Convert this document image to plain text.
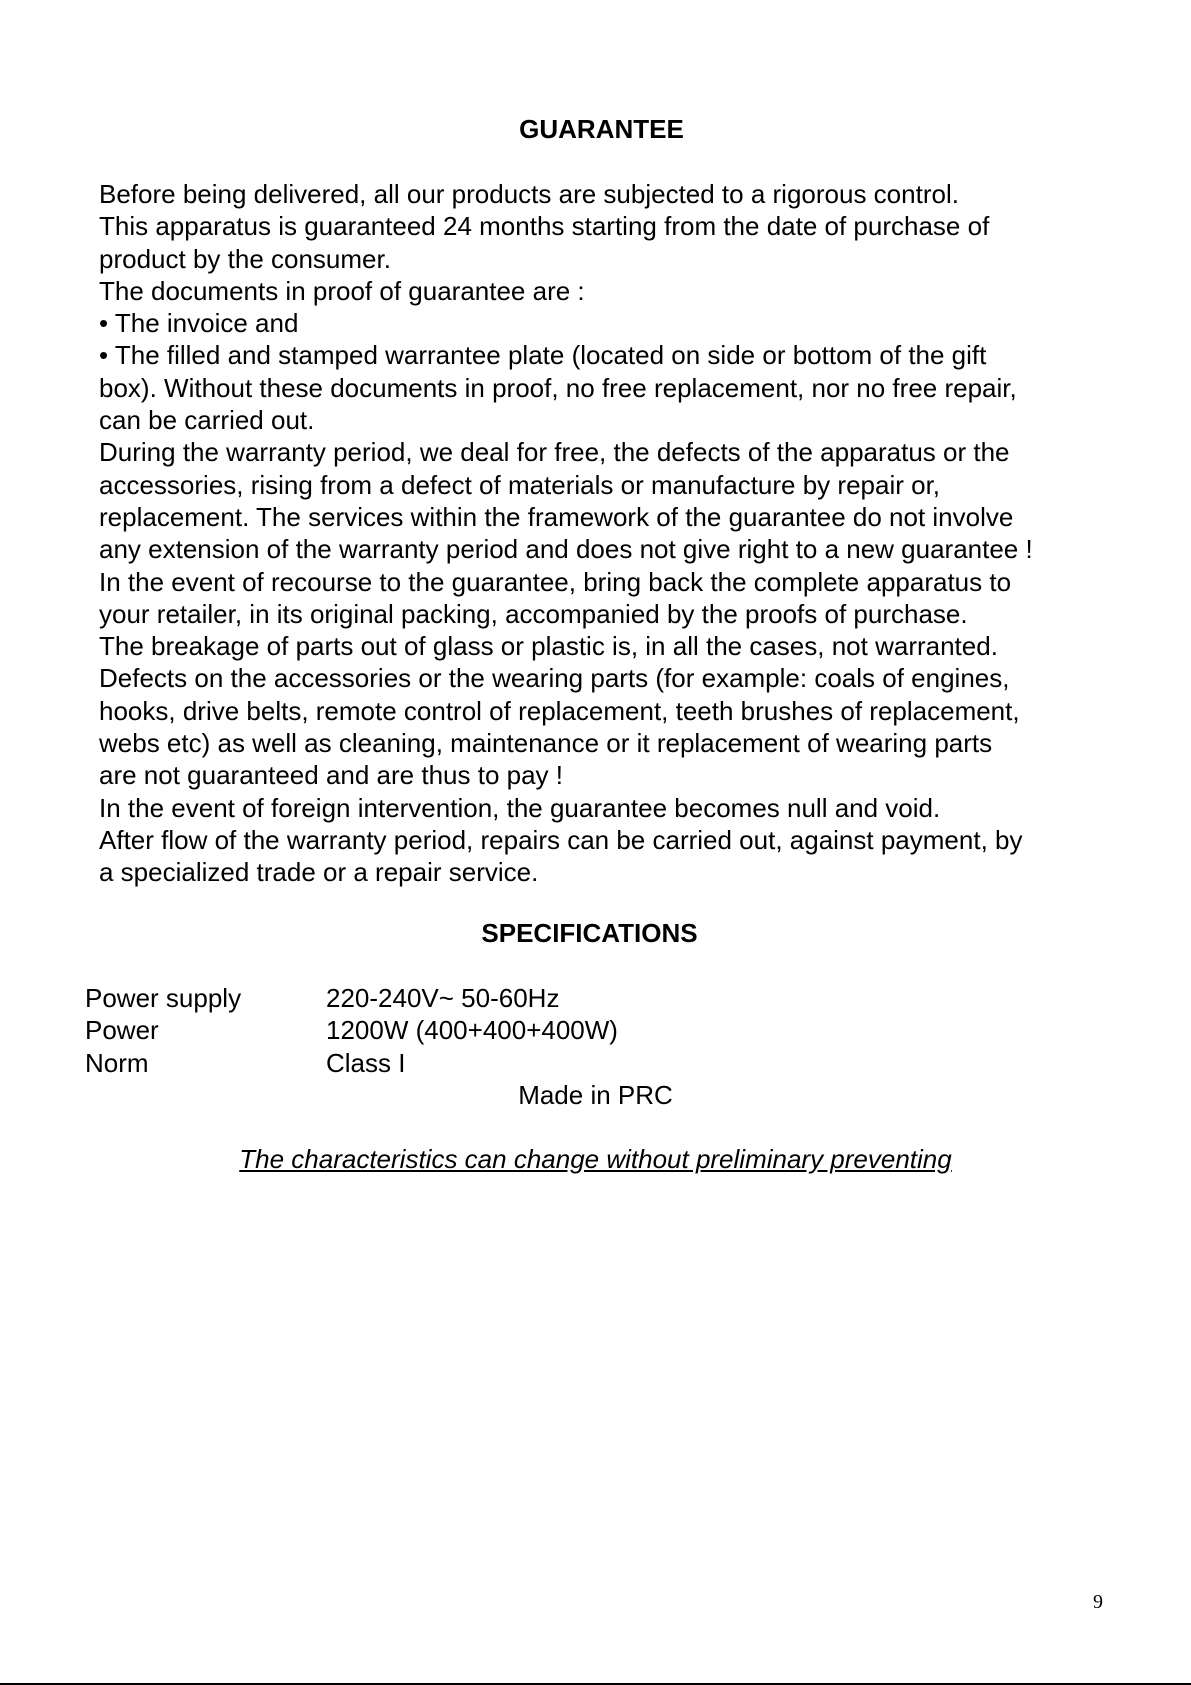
GUARANTEE
Before being delivered, all our products are subjected to a rigorous control.
This apparatus is guaranteed 24 months starting from the date of purchase of
product by the consumer.
The documents in proof of guarantee are :
• The invoice and
• The filled and stamped warrantee plate (located on side or bottom of the gift
box). Without these documents in proof, no free replacement, nor no free repair,
can be carried out.
During the warranty period, we deal for free, the defects of the apparatus or the
accessories, rising from a defect of materials or manufacture by repair or,
replacement. The services within the framework of the guarantee do not involve
any extension of the warranty period and does not give right to a new guarantee !
In the event of recourse to the guarantee, bring back the complete apparatus to
your retailer, in its original packing, accompanied by the proofs of purchase.
The breakage of parts out of glass or plastic is, in all the cases, not warranted.
Defects on the accessories or the wearing parts (for example: coals of engines,
hooks, drive belts, remote control of replacement, teeth brushes of replacement,
webs etc) as well as cleaning, maintenance or it replacement of wearing parts
are not guaranteed and are thus to pay !
In the event of foreign intervention, the guarantee becomes null and void.
After flow of the warranty period, repairs can be carried out, against payment, by
a specialized trade or a repair service.
SPECIFICATIONS
Power supply	220-240V~ 50-60Hz
Power	1200W (400+400+400W)
Norm	Class I
Made in PRC
The characteristics can change without preliminary preventing
9
